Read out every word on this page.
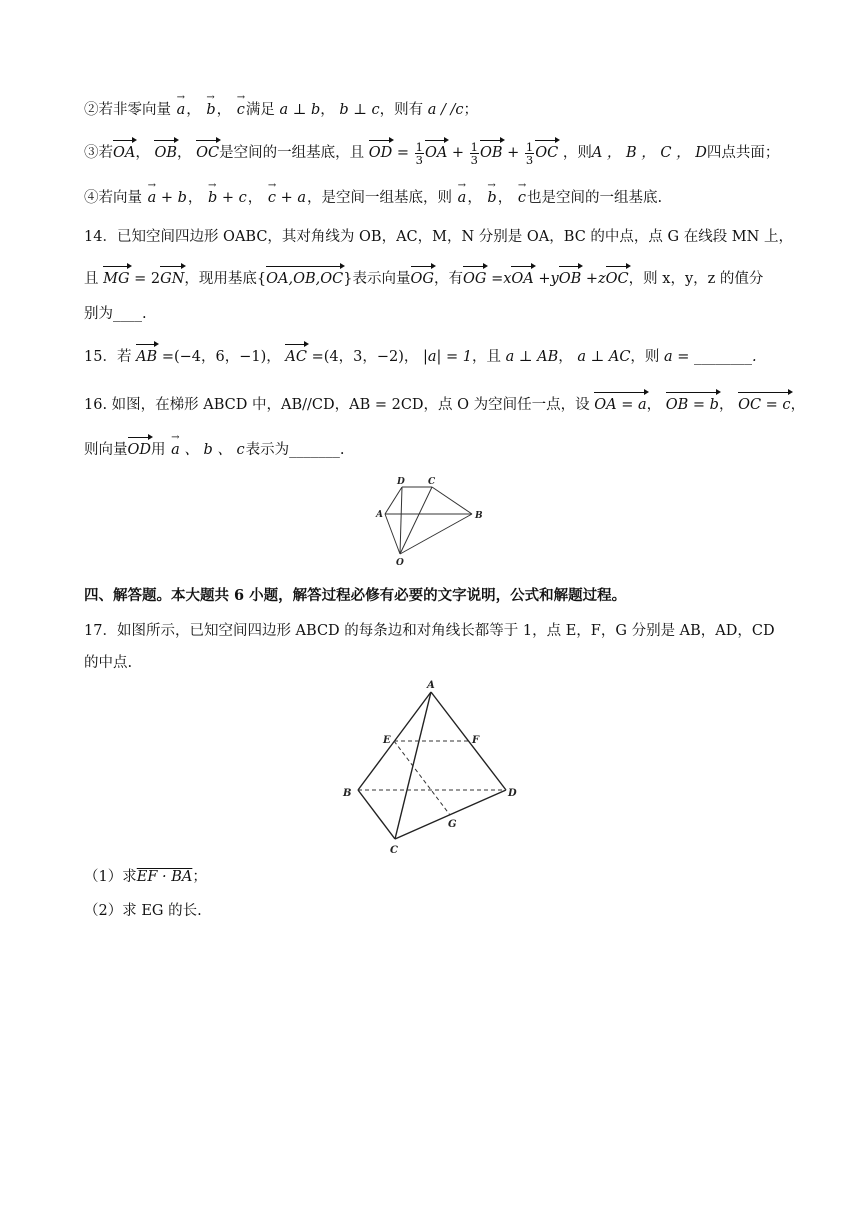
②若非零向量 → a， → b， → c满足 a ⊥ b， b ⊥ c，则有 a / /c；
③若OA， OB， OC是空间的一组基底，且 OD = $\frac{1}{3}$ OA + $\frac{1}{3}$ OB + $\frac{1}{3}$ OC ，则A ， B ， C ， D四点共面；
④若向量 → a + b， → b + c， → c + a，是空间一组基底，则 → a， → b， → c也是空间的一组基底.
14．已知空间四边形 OABC，其对角线为 OB，AC，M，N 分别是 OA，BC 的中点，点 G 在线段 MN 上，
且 MG = 2GN，现用基底{OA,OB,OC}表示向量OG，有OG =xOA +yOB +zOC，则 x，y，z 的值分
别为____.
15．若 AB =(−4，6，−1)， AC =(4，3，−2)， |a| = 1，且 a ⊥ AB， a ⊥ AC，则 a = ________.
16. 如图，在梯形 ABCD 中，AB//CD，AB = 2CD，点 O 为空间任一点，设 OA = a， OB = b， OC = c，
则向量OD用 → a 、 b 、 c表示为_______.
D	C
A	B
O
四、解答题。本大题共 6 小题，解答过程必修有必要的文字说明，公式和解题过程。
17．如图所示，已知空间四边形 ABCD 的每条边和对角线长都等于 1，点 E，F，G 分别是 AB，AD，CD
的中点.
A
E	F
B	D
G
C
（1）求EF · BA；
（2）求 EG 的长.
